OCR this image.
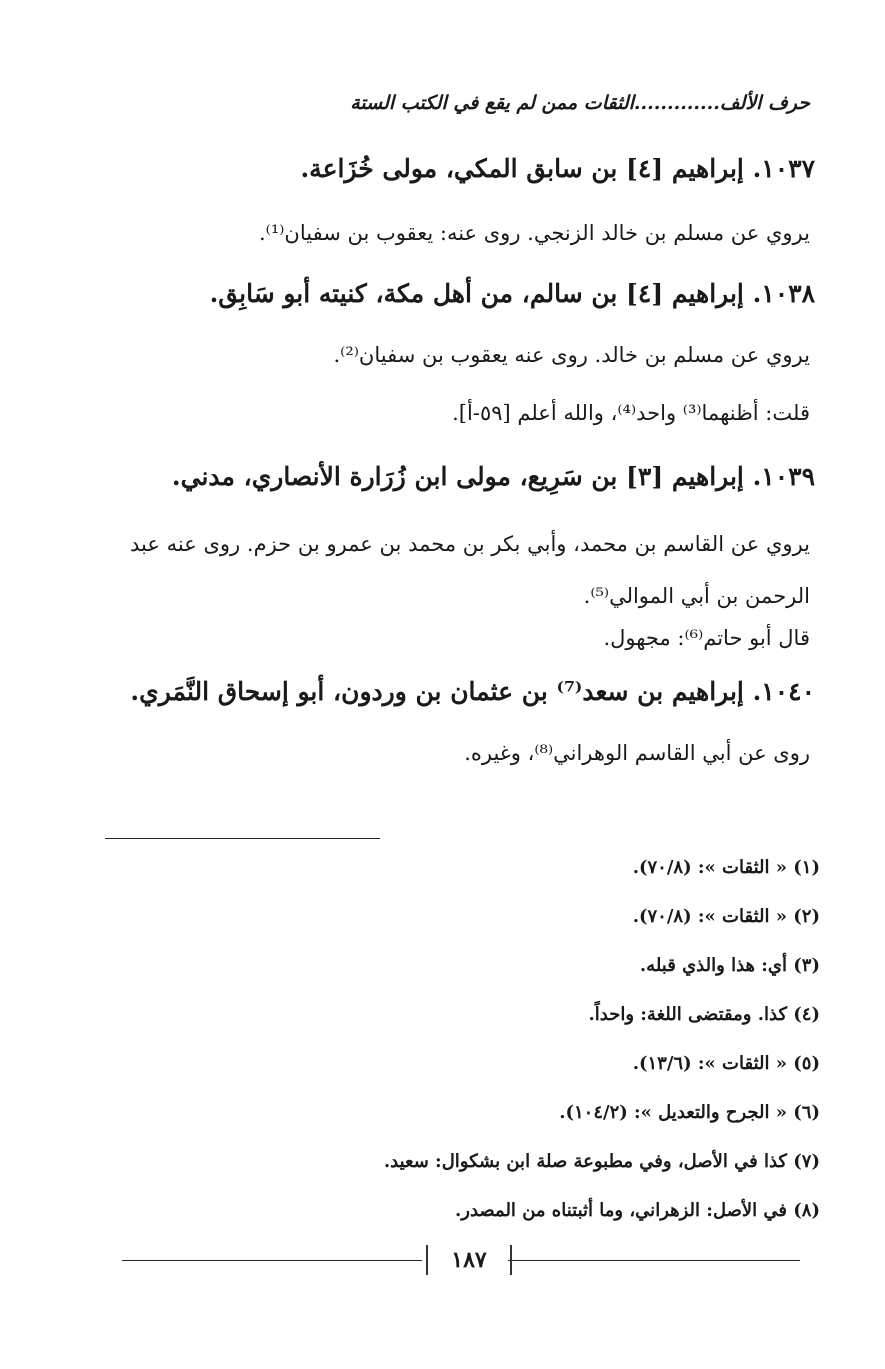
حرف الألف.............الثقات ممن لم يقع في الكتب الستة
١٠٣٧. إبراهيم [٤] بن سابق المكي، مولى خُزَاعة.
يروي عن مسلم بن خالد الزنجي. روى عنه: يعقوب بن سفيان⁽¹⁾.
١٠٣٨. إبراهيم [٤] بن سالم، من أهل مكة، كنيته أبو سَابِق.
يروي عن مسلم بن خالد. روى عنه يعقوب بن سفيان⁽²⁾.
قلت: أظنهما⁽³⁾ واحد⁽⁴⁾، والله أعلم [٥٩-أ].
١٠٣٩. إبراهيم [٣] بن سَرِيع، مولى ابن زُرَارة الأنصاري، مدني.
يروي عن القاسم بن محمد، وأبي بكر بن محمد بن عمرو بن حزم. روى عنه عبد الرحمن بن أبي الموالي⁽⁵⁾.
قال أبو حاتم⁽⁶⁾: مجهول.
١٠٤٠. إبراهيم بن سعد⁽⁷⁾ بن عثمان بن وردون، أبو إسحاق النَّمَري.
روى عن أبي القاسم الوهراني⁽⁸⁾، وغيره.
(١) « الثقات »: (٧٠/٨).
(٢) « الثقات »: (٧٠/٨).
(٣) أي: هذا والذي قبله.
(٤) كذا. ومقتضى اللغة: واحداً.
(٥) « الثقات »: (١٣/٦).
(٦) « الجرح والتعديل »: (١٠٤/٢).
(٧) كذا في الأصل، وفي مطبوعة صلة ابن بشكوال: سعيد.
(٨) في الأصل: الزهراني، وما أثبتناه من المصدر.
١٨٧
